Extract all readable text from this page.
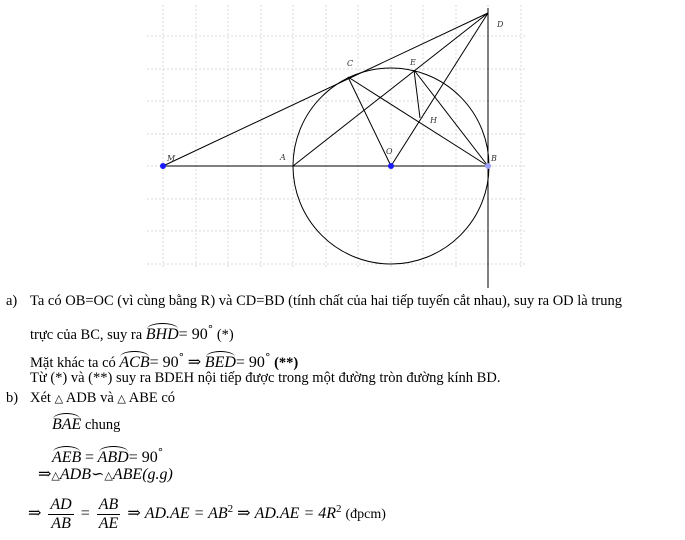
M	A
O
B
C
D
E
H
a) Ta có OB=OC (vì cùng bằng R) và CD=BD (tính chất của hai tiếp tuyến cắt nhau), suy ra OD là trung
trực của BC, suy ra BHD= 90° (*)
Mặt khác ta có ACB= 90° ⇒ BED= 90° (**)
Từ (*) và (**) suy ra BDEH nội tiếp được trong một đường tròn đường kính BD.
b) Xét △ ADB và △ ABE có
BAE chung
AEB = ABD= 90°
⇒△ADB∽△ABE(g.g)
⇒ $\frac{AD}{AB} = \frac{AB}{AE}$ ⇒ $AD.AE = AB^2$ ⇒ $AD.AE = 4R^2$ (đpcm)
